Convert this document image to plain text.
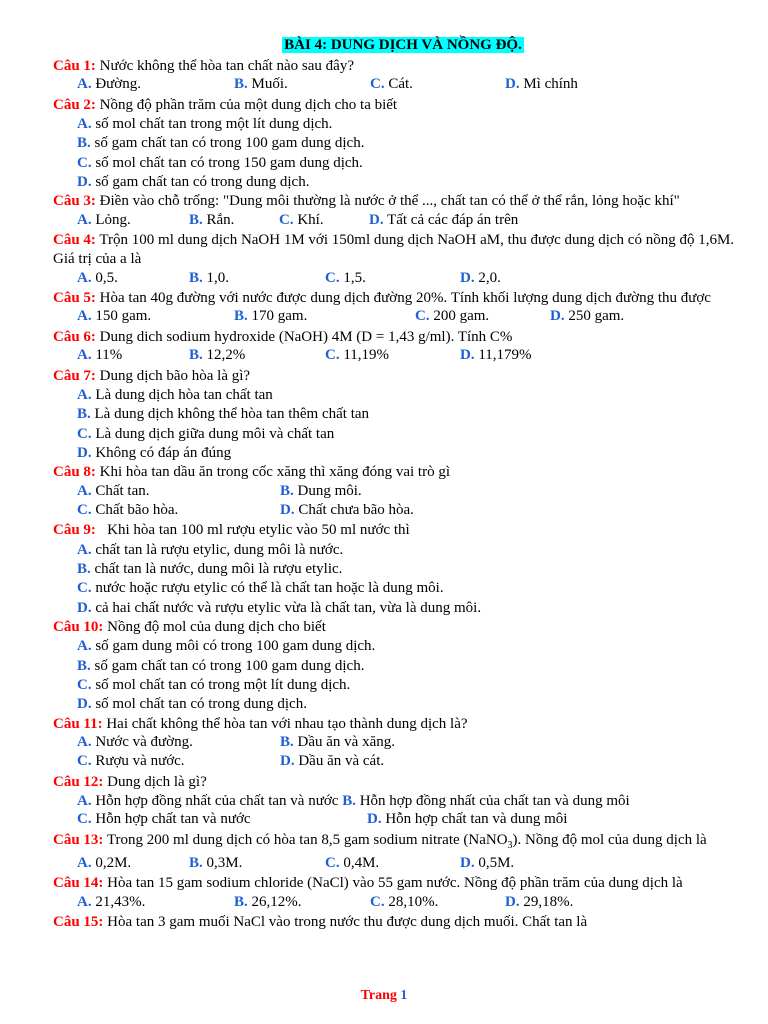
BÀI 4: DUNG DỊCH VÀ NỒNG ĐỘ.
Câu 1: Nước không thể hòa tan chất nào sau đây?
A. Đường.	B. Muối.	C. Cát.	D. Mì chính
Câu 2: Nồng độ phần trăm của một dung dịch cho ta biết
A. số mol chất tan trong một lít dung dịch.
B. số gam chất tan có trong 100 gam dung dịch.
C. số mol chất tan có trong 150 gam dung dịch.
D. số gam chất tan có trong dung dịch.
Câu 3: Điền vào chỗ trống: "Dung môi thường là nước ở thể ..., chất tan có thể ở thể rắn, lỏng hoặc khí"
A. Lỏng.	B. Rắn.	C. Khí.	D. Tất cả các đáp án trên
Câu 4: Trộn 100 ml dung dịch NaOH 1M với 150ml dung dịch NaOH aM, thu được dung dịch có nồng độ 1,6M. Giá trị của a là
A. 0,5.	B. 1,0.	C. 1,5.	D. 2,0.
Câu 5: Hòa tan 40g đường với nước được dung dịch đường 20%. Tính khối lượng dung dịch đường thu được
A. 150 gam.	B. 170 gam.	C. 200 gam.	D. 250 gam.
Câu 6: Dung dich sodium hydroxide (NaOH) 4M (D = 1,43 g/ml). Tính C%
A. 11%	B. 12,2%	C. 11,19%	D. 11,179%
Câu 7: Dung dịch bão hòa là gì?
A. Là dung dịch hòa tan chất tan
B. Là dung dịch không thể hòa tan thêm chất tan
C. Là dung dịch giữa dung môi và chất tan
D. Không có đáp án đúng
Câu 8: Khi hòa tan dầu ăn trong cốc xăng thì xăng đóng vai trò gì
A. Chất tan.	B. Dung môi.
C. Chất bão hòa.	D. Chất chưa bão hòa.
Câu 9:   Khi hòa tan 100 ml rượu etylic vào 50 ml nước thì
A. chất tan là rượu etylic, dung môi là nước.
B. chất tan là nước, dung môi là rượu etylic.
C. nước hoặc rượu etylic có thể là chất tan hoặc là dung môi.
D. cả hai chất nước và rượu etylic vừa là chất tan, vừa là dung môi.
Câu 10: Nồng độ mol của dung dịch cho biết
A. số gam dung môi có trong 100 gam dung dịch.
B. số gam chất tan có trong 100 gam dung dịch.
C. số mol chất tan có trong một lít dung dịch.
D. số mol chất tan có trong dung dịch.
Câu 11: Hai chất không thể hòa tan với nhau tạo thành dung dịch là?
A. Nước và đường.	B. Dầu ăn và xăng.
C. Rượu và nước.	D. Dầu ăn và cát.
Câu 12: Dung dịch là gì?
A. Hỗn hợp đồng nhất của chất tan và nước B. Hỗn hợp đồng nhất của chất tan và dung môi
C. Hỗn hợp chất tan và nước	D. Hỗn hợp chất tan và dung môi
Câu 13: Trong 200 ml dung dịch có hòa tan 8,5 gam sodium nitrate (NaNO$_3$). Nồng độ mol của dung dịch là
A. 0,2M.	B. 0,3M.	C. 0,4M.	D. 0,5M.
Câu 14: Hòa tan 15 gam sodium chloride (NaCl) vào 55 gam nước. Nồng độ phần trăm của dung dịch là
A. 21,43%.	B. 26,12%.	C. 28,10%.	D. 29,18%.
Câu 15: Hòa tan 3 gam muối NaCl vào trong nước thu được dung dịch muối. Chất tan là
Trang 1
